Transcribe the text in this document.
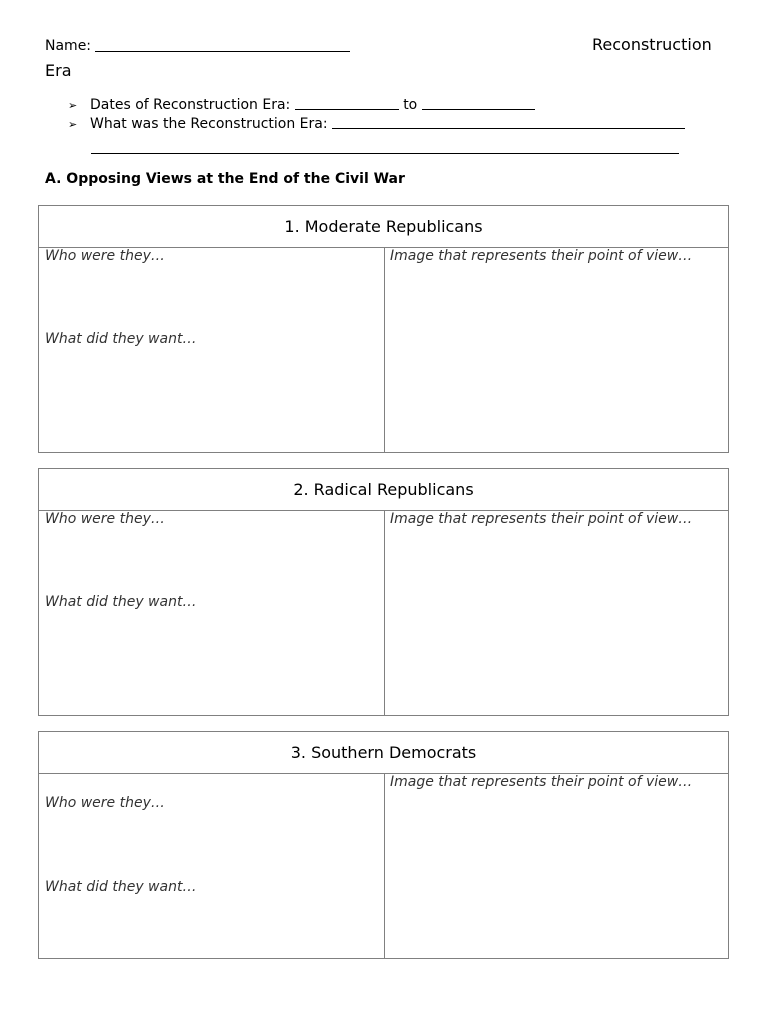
Name:	Reconstruction
Era
➢ Dates of Reconstruction Era:	to
➢ What was the Reconstruction Era:
A. Opposing Views at the End of the Civil War
1. Moderate Republicans
Who were they…
What did they want…
Image that represents their point of view…
2. Radical Republicans
Who were they…
What did they want…
Image that represents their point of view…
3. Southern Democrats
Who were they…
What did they want…
Image that represents their point of view…
